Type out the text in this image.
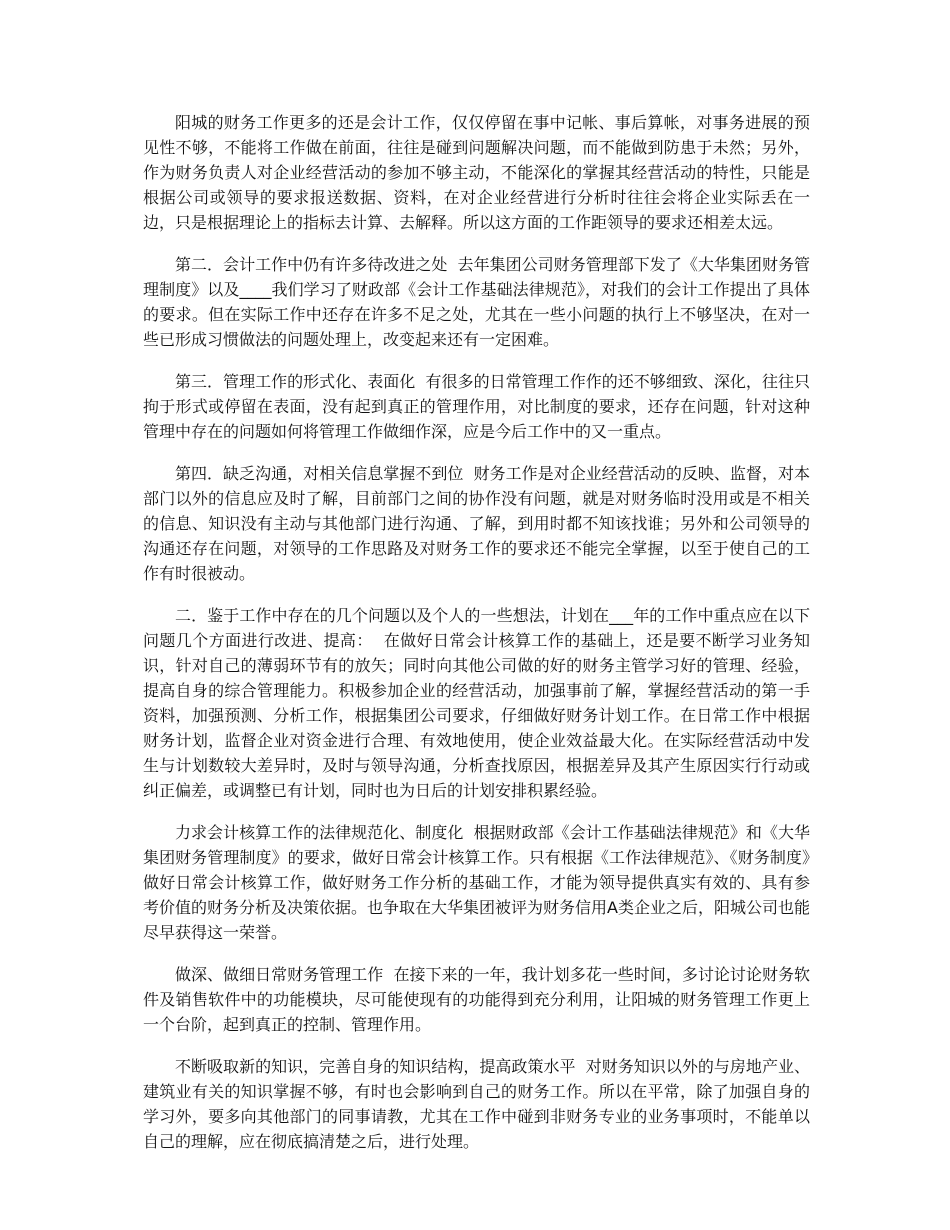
阳城的财务工作更多的还是会计工作，仅仅停留在事中记帐、事后算帐，对事务进展的预见性不够，不能将工作做在前面，往往是碰到问题解决问题，而不能做到防患于未然；另外，作为财务负责人对企业经营活动的参加不够主动，不能深化的掌握其经营活动的特性，只能是根据公司或领导的要求报送数据、资料，在对企业经营进行分析时往往会将企业实际丢在一边，只是根据理论上的指标去计算、去解释。所以这方面的工作距领导的要求还相差太远。

第二．会计工作中仍有许多待改进之处  去年集团公司财务管理部下发了《大华集团财务管理制度》以及____我们学习了财政部《会计工作基础法律规范》，对我们的会计工作提出了具体的要求。但在实际工作中还存在许多不足之处，尤其在一些小问题的执行上不够坚决，在对一些已形成习惯做法的问题处理上，改变起来还有一定困难。

第三．管理工作的形式化、表面化  有很多的日常管理工作作的还不够细致、深化，往往只拘于形式或停留在表面，没有起到真正的管理作用，对比制度的要求，还存在问题，针对这种管理中存在的问题如何将管理工作做细作深，应是今后工作中的又一重点。

第四．缺乏沟通，对相关信息掌握不到位  财务工作是对企业经营活动的反映、监督，对本部门以外的信息应及时了解，目前部门之间的协作没有问题，就是对财务临时没用或是不相关的信息、知识没有主动与其他部门进行沟通、了解，到用时都不知该找谁；另外和公司领导的沟通还存在问题，对领导的工作思路及对财务工作的要求还不能完全掌握，以至于使自己的工作有时很被动。

二．鉴于工作中存在的几个问题以及个人的一些想法，计划在___年的工作中重点应在以下问题几个方面进行改进、提高：  在做好日常会计核算工作的基础上，还是要不断学习业务知识，针对自己的薄弱环节有的放矢；同时向其他公司做的好的财务主管学习好的管理、经验，提高自身的综合管理能力。积极参加企业的经营活动，加强事前了解，掌握经营活动的第一手资料，加强预测、分析工作，根据集团公司要求，仔细做好财务计划工作。在日常工作中根据财务计划，监督企业对资金进行合理、有效地使用，使企业效益最大化。在实际经营活动中发生与计划数较大差异时，及时与领导沟通，分析查找原因，根据差异及其产生原因实行行动或纠正偏差，或调整已有计划，同时也为日后的计划安排积累经验。

力求会计核算工作的法律规范化、制度化  根据财政部《会计工作基础法律规范》和《大华集团财务管理制度》的要求，做好日常会计核算工作。只有根据《工作法律规范》、《财务制度》做好日常会计核算工作，做好财务工作分析的基础工作，才能为领导提供真实有效的、具有参考价值的财务分析及决策依据。也争取在大华集团被评为财务信用A类企业之后，阳城公司也能尽早获得这一荣誉。

做深、做细日常财务管理工作  在接下来的一年，我计划多花一些时间，多讨论讨论财务软件及销售软件中的功能模块，尽可能使现有的功能得到充分利用，让阳城的财务管理工作更上一个台阶，起到真正的控制、管理作用。

不断吸取新的知识，完善自身的知识结构，提高政策水平  对财务知识以外的与房地产业、建筑业有关的知识掌握不够，有时也会影响到自己的财务工作。所以在平常，除了加强自身的学习外，要多向其他部门的同事请教，尤其在工作中碰到非财务专业的业务事项时，不能单以自己的理解，应在彻底搞清楚之后，进行处理。
